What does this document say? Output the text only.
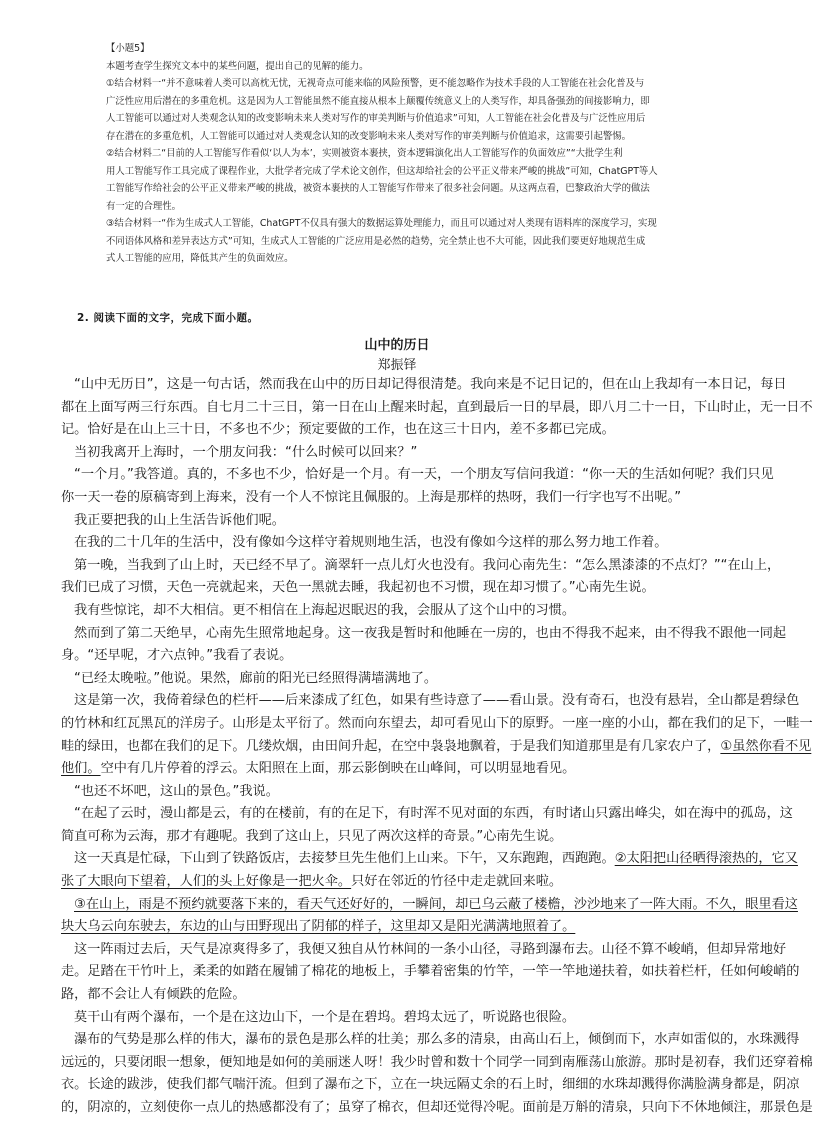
【小题5】

本题考查学生探究文本中的某些问题，提出自己的见解的能力。

①结合材料一“并不意味着人类可以高枕无忧，无视奇点可能来临的风险预警，更不能忽略作为技术手段的人工智能在社会化普及与

广泛性应用后潜在的多重危机。这是因为人工智能虽然不能直接从根本上颠覆传统意义上的人类写作，却具备强劲的间接影响力，即

人工智能可以通过对人类观念认知的改变影响未来人类对写作的审美判断与价值追求”可知，人工智能在社会化普及与广泛性应用后

存在潜在的多重危机，人工智能可以通过对人类观念认知的改变影响未来人类对写作的审美判断与价值追求，这需要引起警惕。

②结合材料二“目前的人工智能写作看似‘以人为本’，实则被资本裹挟，资本逻辑演化出人工智能写作的负面效应”“大批学生利

用人工智能写作工具完成了课程作业，大批学者完成了学术论文创作，但这却给社会的公平正义带来严峻的挑战”可知，ChatGPT等人

工智能写作给社会的公平正义带来严峻的挑战，被资本裹挟的人工智能写作带来了很多社会问题。从这两点看，巴黎政治大学的做法

有一定的合理性。

③结合材料一“作为生成式人工智能，ChatGPT不仅具有强大的数据运算处理能力，而且可以通过对人类现有语料库的深度学习，实现

不同语体风格和差异表达方式”可知，生成式人工智能的广泛应用是必然的趋势，完全禁止也不大可能，因此我们要更好地规范生成

式人工智能的应用，降低其产生的负面效应。

2. 阅读下面的文字，完成下面小题。
山中的历日
郑振铎
“山中无历日”，这是一句古话，然而我在山中的历日却记得很清楚。我向来是不记日记的，但在山上我却有一本日记，每日
都在上面写两三行东西。自七月二十三日，第一日在山上醒来时起，直到最后一日的早晨，即八月二十一日，下山时止，无一日不
记。恰好是在山上三十日，不多也不少；预定要做的工作，也在这三十日内，差不多都已完成。
当初我离开上海时，一个朋友问我：“什么时候可以回来？”
“一个月。”我答道。真的，不多也不少，恰好是一个月。有一天，一个朋友写信问我道：“你一天的生活如何呢？我们只见
你一天一卷的原稿寄到上海来，没有一个人不惊诧且佩服的。上海是那样的热呀，我们一行字也写不出呢。”
我正要把我的山上生活告诉他们呢。
在我的二十几年的生活中，没有像如今这样守着规则地生活，也没有像如今这样的那么努力地工作着。
第一晚，当我到了山上时，天已经不早了。滴翠轩一点儿灯火也没有。我问心南先生：“怎么黑漆漆的不点灯？”“在山上，
我们已成了习惯，天色一亮就起来，天色一黑就去睡，我起初也不习惯，现在却习惯了。”心南先生说。
我有些惊诧，却不大相信。更不相信在上海起迟眠迟的我，会服从了这个山中的习惯。
然而到了第二天绝早，心南先生照常地起身。这一夜我是暂时和他睡在一房的，也由不得我不起来，由不得我不跟他一同起
身。“还早呢，才六点钟。”我看了表说。
“已经太晚啦。”他说。果然，廊前的阳光已经照得满墙满地了。
这是第一次，我倚着绿色的栏杆——后来漆成了红色，如果有些诗意了——看山景。没有奇石，也没有悬岩，全山都是碧绿色
的竹林和红瓦黑瓦的洋房子。山形是太平衍了。然而向东望去，却可看见山下的原野。一座一座的小山，都在我们的足下，一畦一
畦的绿田，也都在我们的足下。几缕炊烟，由田间升起，在空中袅袅地飘着，于是我们知道那里是有几家农户了，①虽然你看不见
他们。空中有几片停着的浮云。太阳照在上面，那云影倒映在山峰间，可以明显地看见。
“也还不坏吧，这山的景色。”我说。
“在起了云时，漫山都是云，有的在楼前，有的在足下，有时浑不见对面的东西，有时诸山只露出峰尖，如在海中的孤岛，这
简直可称为云海，那才有趣呢。我到了这山上，只见了两次这样的奇景。”心南先生说。
这一天真是忙碌，下山到了铁路饭店，去接梦旦先生他们上山来。下午，又东跑跑，西跑跑。②太阳把山径晒得滚热的，它又
张了大眼向下望着，人们的头上好像是一把火伞。只好在邻近的竹径中走走就回来啦。
③在山上，雨是不预约就要落下来的，看天气还好好的，一瞬间，却已乌云蔽了楼檐，沙沙地来了一阵大雨。不久，眼里看这
块大乌云向东驶去，东边的山与田野现出了阴郁的样子，这里却又是阳光满满地照着了。
这一阵雨过去后，天气是凉爽得多了，我便又独自从竹林间的一条小山径，寻路到瀑布去。山径不算不峻峭，但却异常地好
走。足踏在干竹叶上，柔柔的如踏在履铺了棉花的地板上，手攀着密集的竹竿，一竿一竿地递扶着，如扶着栏杆，任如何峻峭的
路，都不会让人有倾跌的危险。
莫干山有两个瀑布，一个是在这边山下，一个是在碧坞。碧坞太远了，听说路也很险。
瀑布的气势是那么样的伟大，瀑布的景色是那么样的壮美；那么多的清泉，由高山石上，倾倒而下，水声如雷似的，水珠溅得
远远的，只要闭眼一想象，便知地是如何的美丽迷人呀！我少时曾和数十个同学一同到南雁荡山旅游。那时是初春，我们还穿着棉
衣。长途的跋涉，使我们都气喘汗流。但到了瀑布之下，立在一块远隔丈余的石上时，细细的水珠却溅得你满脸满身都是，阴凉
的，阴凉的，立刻使你一点儿的热感都没有了；虽穿了棉衣，但却还觉得冷呢。面前是万斛的清泉，只向下不休地倾注，那景色是
